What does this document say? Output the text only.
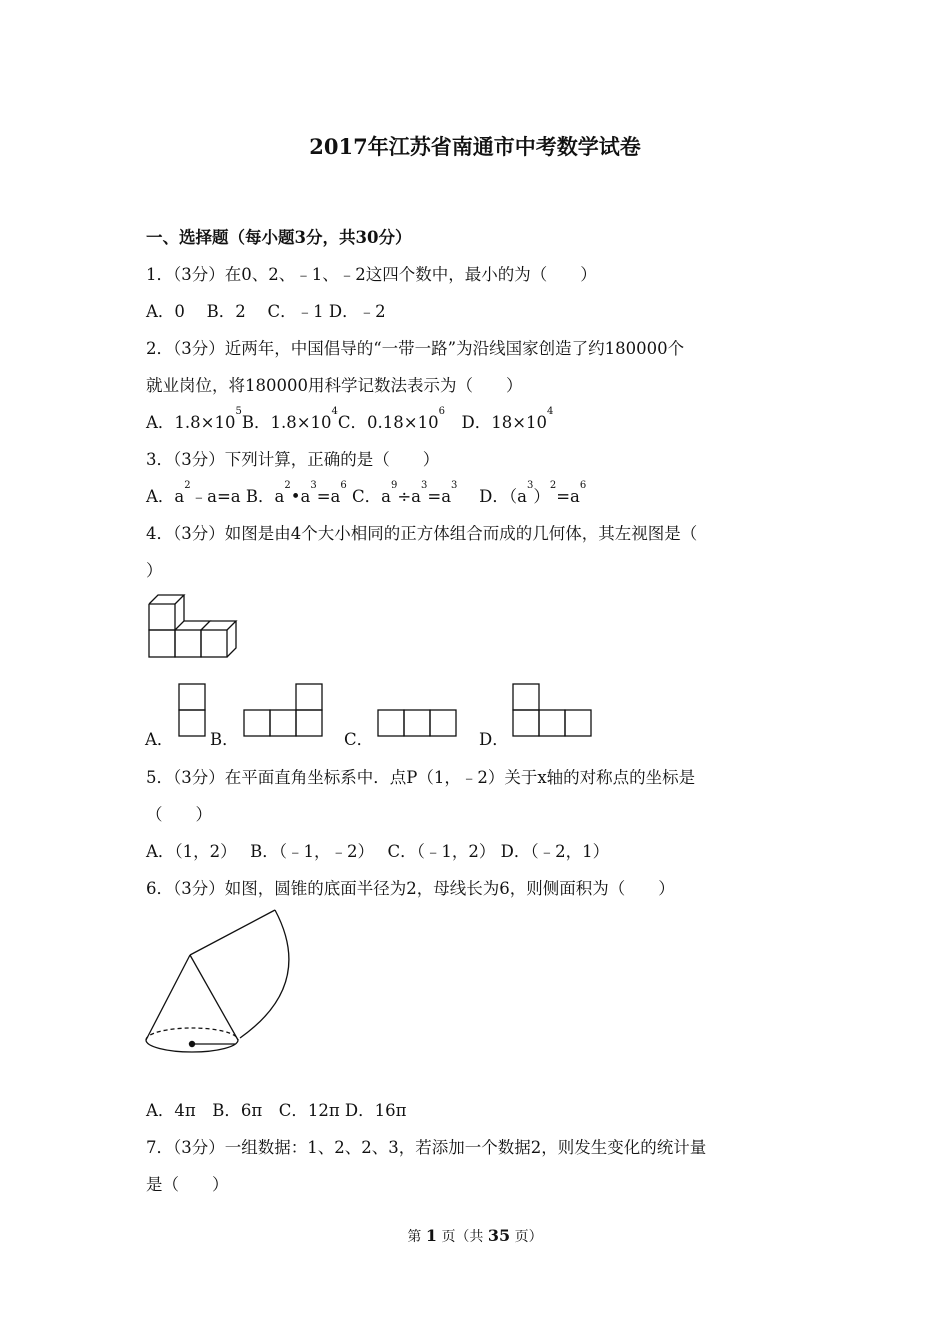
2017年江苏省南通市中考数学试卷
一、选择题（每小题3分，共30分）
1．（3分）在0、2、﹣1、﹣2这四个数中，最小的为（　　）
A．0　 B．2　 C．﹣1 D．﹣2
2．（3分）近两年，中国倡导的“一带一路”为沿线国家创造了约180000个
就业岗位，将180000用科学记数法表示为（　　）
A．$1.8\times 10^5B$．$1.8\times 10^4C$．$0.18\times 10^6$　D．$18\times 10^4$
3．（3分）下列计算，正确的是（　　）
A．$a^2﹣a=a$ B．$a^2•a^3=a^6$ C．$a^9\div a^3=a^3$　 D．$(a^3)^2=a^6$
4．（3分）如图是由4个大小相同的正方体组合而成的几何体，其左视图是（
）
A． B．	C．	D．
5．（3分）在平面直角坐标系中．点P（1，﹣2）关于x轴的对称点的坐标是
（　　）
A．（1，2）　 B．（﹣1，﹣2）　 C．（﹣1，2） D．（﹣2，1）
6．（3分）如图，圆锥的底面半径为2，母线长为6，则侧面积为（　　）
A．4π　B．6π　C．12π D．16π
7．（3分）一组数据：1、2、2、3，若添加一个数据2，则发生变化的统计量
是（　　）
第 1 页（共 35 页）
